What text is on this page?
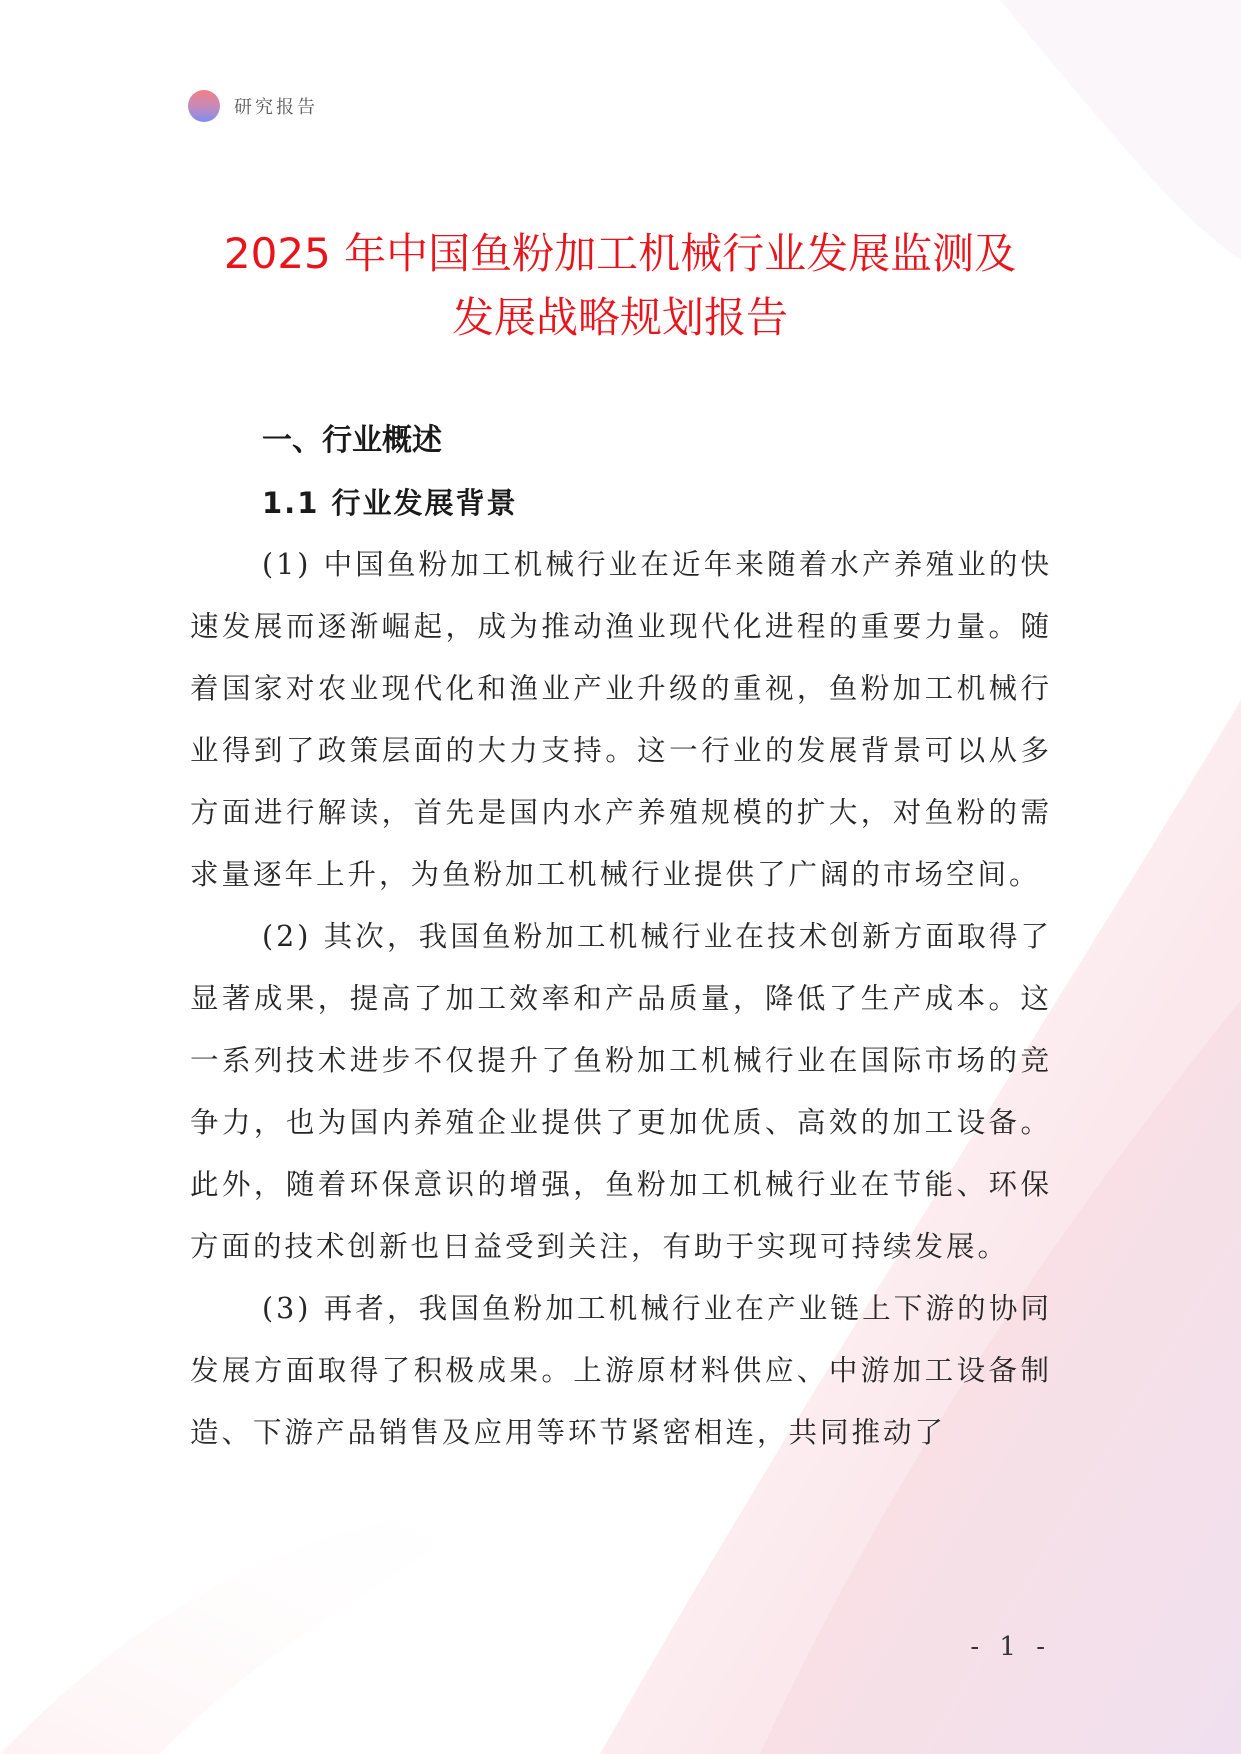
研究报告
2025 年中国鱼粉加工机械行业发展监测及
发展战略规划报告
一、行业概述
1.1 行业发展背景

(1) 中国鱼粉加工机械行业在近年来随着水产养殖业的快速发展而逐渐崛起，成为推动渔业现代化进程的重要力量。随着国家对农业现代化和渔业产业升级的重视，鱼粉加工机械行业得到了政策层面的大力支持。这一行业的发展背景可以从多方面进行解读，首先是国内水产养殖规模的扩大，对鱼粉的需求量逐年上升，为鱼粉加工机械行业提供了广阔的市场空间。

(2) 其次，我国鱼粉加工机械行业在技术创新方面取得了显著成果，提高了加工效率和产品质量，降低了生产成本。这一系列技术进步不仅提升了鱼粉加工机械行业在国际市场的竞争力，也为国内养殖企业提供了更加优质、高效的加工设备。此外，随着环保意识的增强，鱼粉加工机械行业在节能、环保方面的技术创新也日益受到关注，有助于实现可持续发展。

(3) 再者，我国鱼粉加工机械行业在产业链上下游的协同发展方面取得了积极成果。上游原材料供应、中游加工设备制造、下游产品销售及应用等环节紧密相连，共同推动了

- 1 -
